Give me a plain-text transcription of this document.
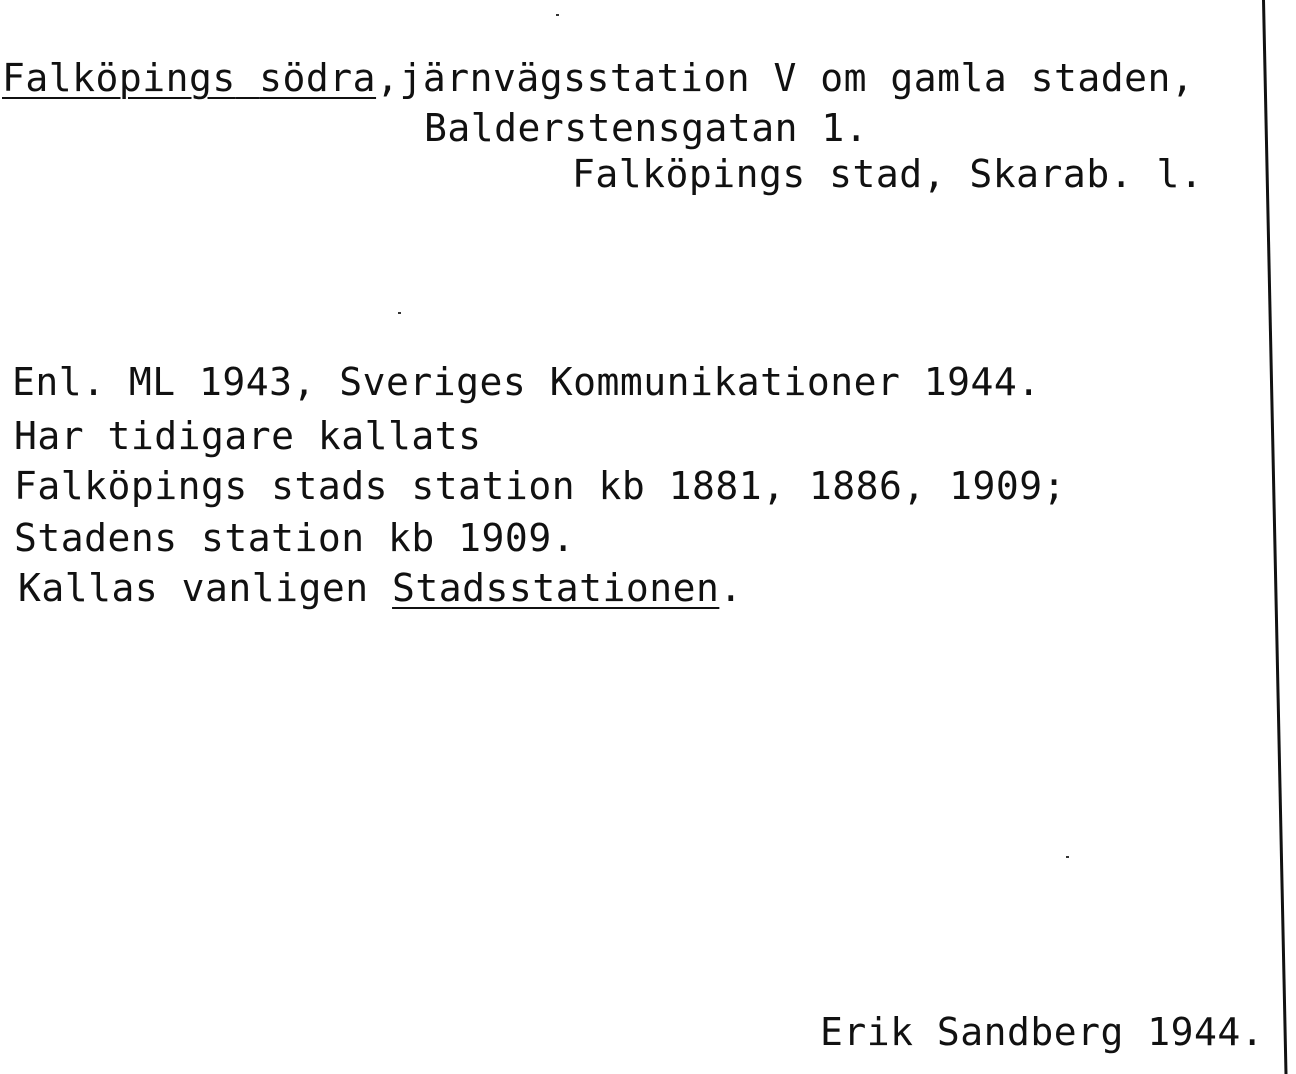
Falköpings södra,järnvägsstation V om gamla staden,
Balderstensgatan 1.
Falköpings stad, Skarab. l.
Enl. ML 1943, Sveriges Kommunikationer 1944.
Har tidigare kallats
Falköpings stads station kb 1881, 1886, 1909;
Stadens station kb 1909.
Kallas vanligen Stadsstationen.
Erik Sandberg 1944.
